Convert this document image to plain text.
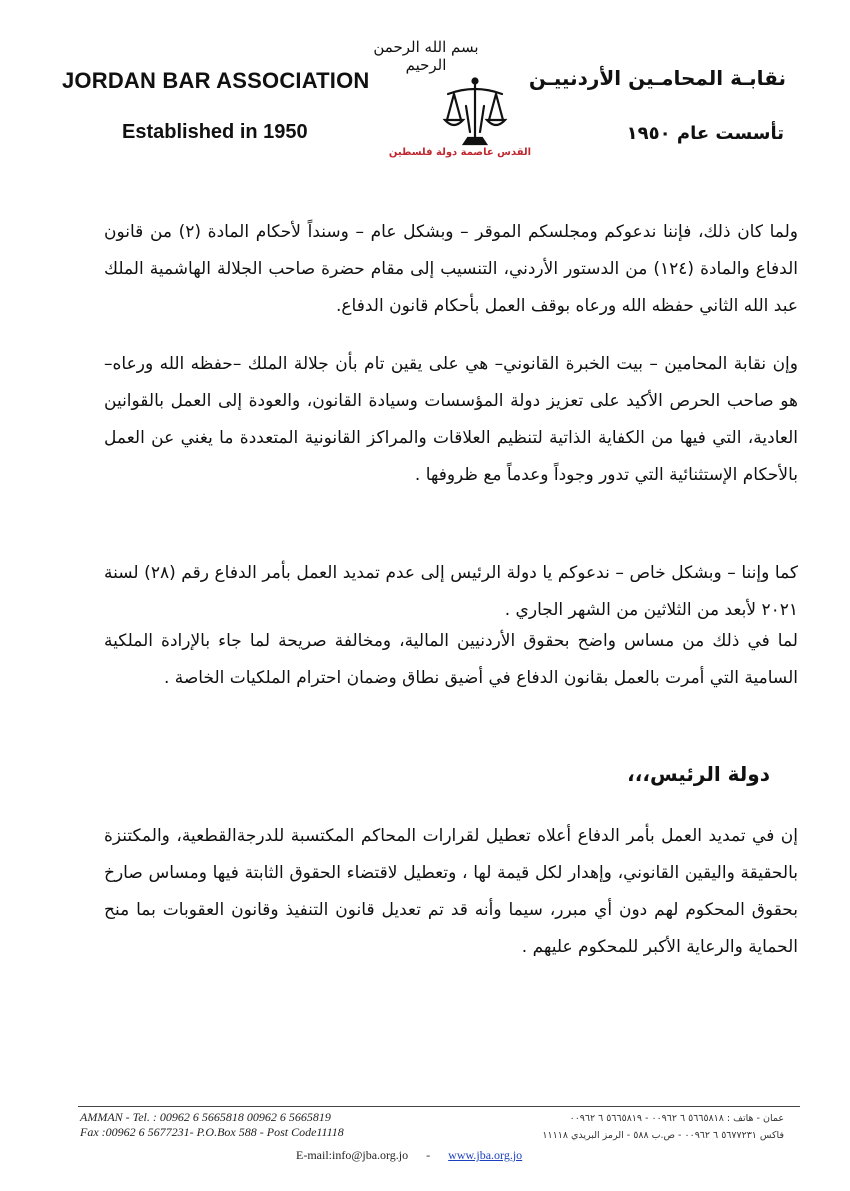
بسم الله الرحمن الرحيم
JORDAN BAR ASSOCIATION
Established in 1950
نقابـة المحامـين الأردنييـن
تأسست عام ١٩٥٠
القدس عاصمة دولة فلسطين
ولما كان ذلك، فإننا ندعوكم ومجلسكم الموقر – وبشكل عام – وسنداً لأحكام المادة (٢) من قانون الدفاع والمادة (١٢٤) من الدستور الأردني، التنسيب إلى مقام حضرة صاحب الجلالة الهاشمية الملك عبد الله الثاني حفظه الله ورعاه بوقف العمل بأحكام قانون الدفاع.
وإن نقابة المحامين – بيت الخبرة القانوني– هي على يقين تام بأن جلالة الملك –حفظه الله ورعاه– هو صاحب الحرص الأكيد على تعزيز دولة المؤسسات وسيادة القانون، والعودة إلى العمل بالقوانين العادية، التي فيها من الكفاية الذاتية لتنظيم العلاقات والمراكز القانونية المتعددة ما يغني عن العمل بالأحكام الإستثنائية التي تدور وجوداً وعدماً مع ظروفها .
كما وإننا – وبشكل خاص – ندعوكم يا دولة الرئيس إلى عدم تمديد العمل بأمر الدفاع رقم (٢٨) لسنة ٢٠٢١ لأبعد من الثلاثين من الشهر الجاري .
لما في ذلك من مساس واضح بحقوق الأردنيين المالية، ومخالفة صريحة لما جاء بالإرادة الملكية السامية التي أمرت بالعمل بقانون الدفاع في أضيق نطاق وضمان احترام الملكيات الخاصة .
دولة الرئيس،،،
إن في تمديد العمل بأمر الدفاع أعلاه تعطيل لقرارات المحاكم المكتسبة للدرجةالقطعية، والمكتنزة بالحقيقة واليقين القانوني، وإهدار لكل قيمة لها ، وتعطيل لاقتضاء الحقوق الثابتة فيها ومساس صارخ بحقوق المحكوم لهم دون أي مبرر، سيما وأنه قد تم تعديل قانون التنفيذ وقانون العقوبات بما منح الحماية والرعاية الأكبر للمحكوم عليهم .
AMMAN - Tel. : 00962 6 5665818 00962 6 5665819
Fax :00962 6 5677231- P.O.Box 588 - Post Code11118
عمان - هاتف : ٥٦٦٥٨١٨ ٦ ٠٠٩٦٢ - ٥٦٦٥٨١٩ ٦ ٠٠٩٦٢
فاكس ٥٦٧٧٢٣١ ٦ ٠٠٩٦٢ - ص.ب ٥٨٨ - الرمز البريدي ١١١١٨
E-mail:info@jba.org.jo - www.jba.org.jo
